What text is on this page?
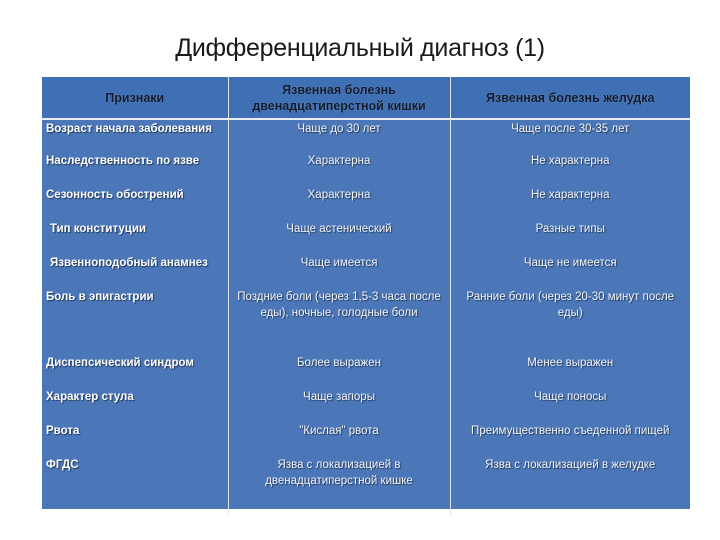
Дифференциальный диагноз (1)
Признаки	Язвенная болезнь двенадцатиперстной кишки	Язвенная болезнь желудка
Возраст начала заболевания	Чаще до 30 лет	Чаще после 30-35 лет
Наследственность по язве	Характерна	Не характерна
Сезонность обострений	Характерна	Не характерна
Тип конституции	Чаще астенический	Разные типы
Язвенноподобный анамнез	Чаще имеется	Чаще не имеется
Боль в эпигастрии	Поздние боли (через 1,5-3 часа после еды), ночные, голодные боли	Ранние боли (через 20-30 минут после еды)
Диспепсический синдром	Более выражен	Менее выражен
Характер стула	Чаще запоры	Чаще поносы
Рвота	"Кислая" рвота	Преимущественно съеденной пищей
ФГДС	Язва с локализацией в двенадцатиперстной кишке	Язва с локализацией в желудке
